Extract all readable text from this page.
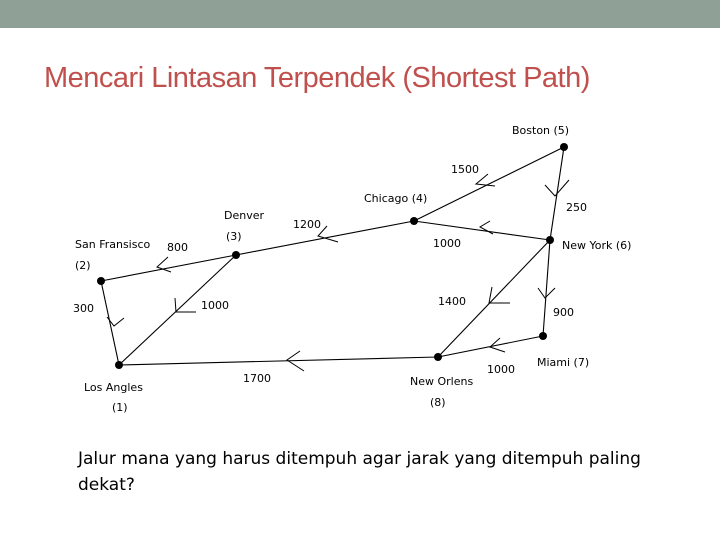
Mencari Lintasan Terpendek (Shortest Path)
Los Angles
(1)
San Fransisco
(2)
Denver
(3)
Chicago (4)
Boston (5)
New York (6)
Miami (7)
New Orlens
(8)
300	1000
800
1200
1500
250
1000
1400
900
1000
1700

Jalur mana yang harus ditempuh agar jarak yang ditempuh paling dekat?
